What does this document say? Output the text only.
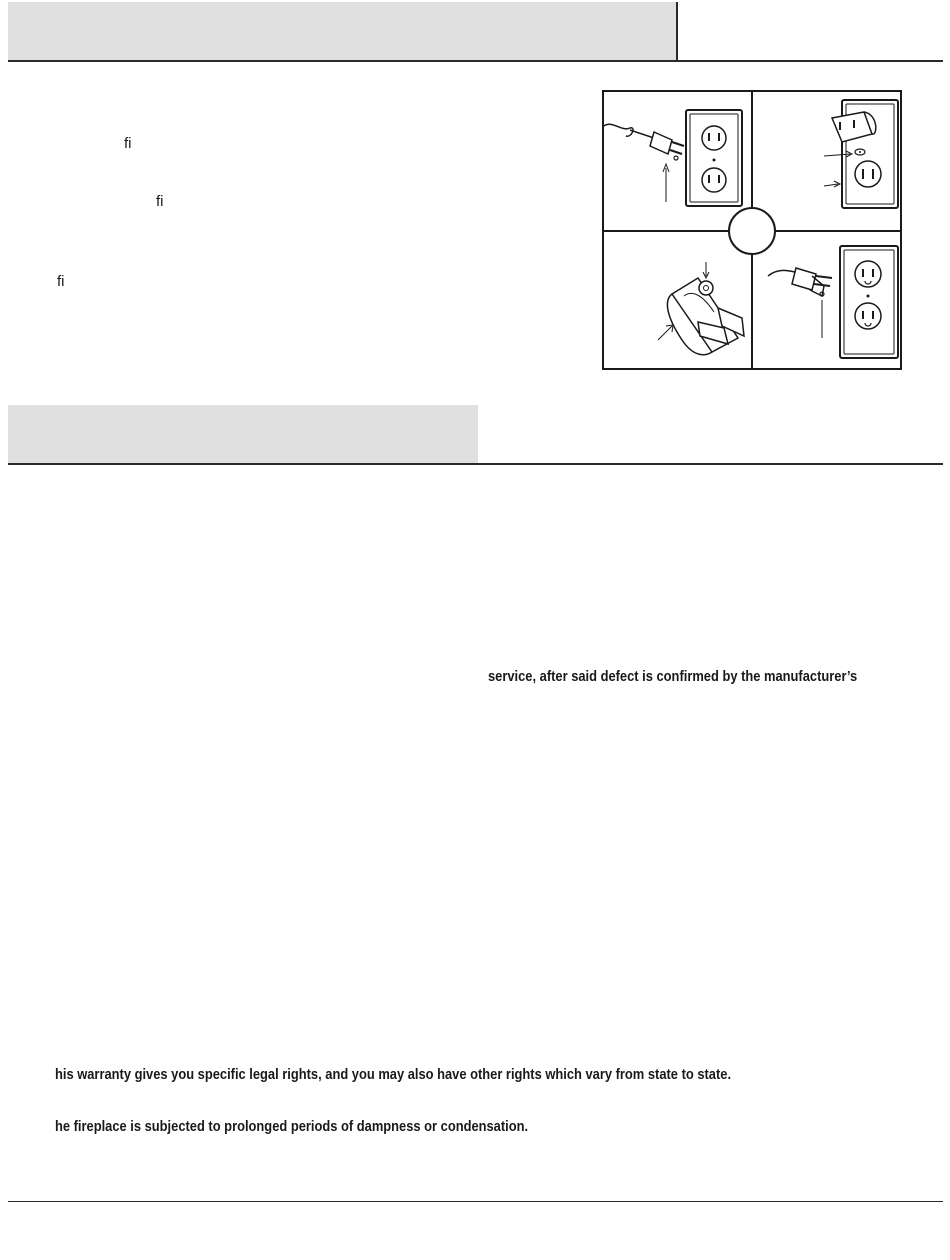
fi
fi
fi
service, after said defect is confirmed by the manufacturer’s
his warranty gives you specific legal rights, and you may also have other rights which vary from state to state.
he fireplace is subjected to prolonged periods of dampness or condensation.
